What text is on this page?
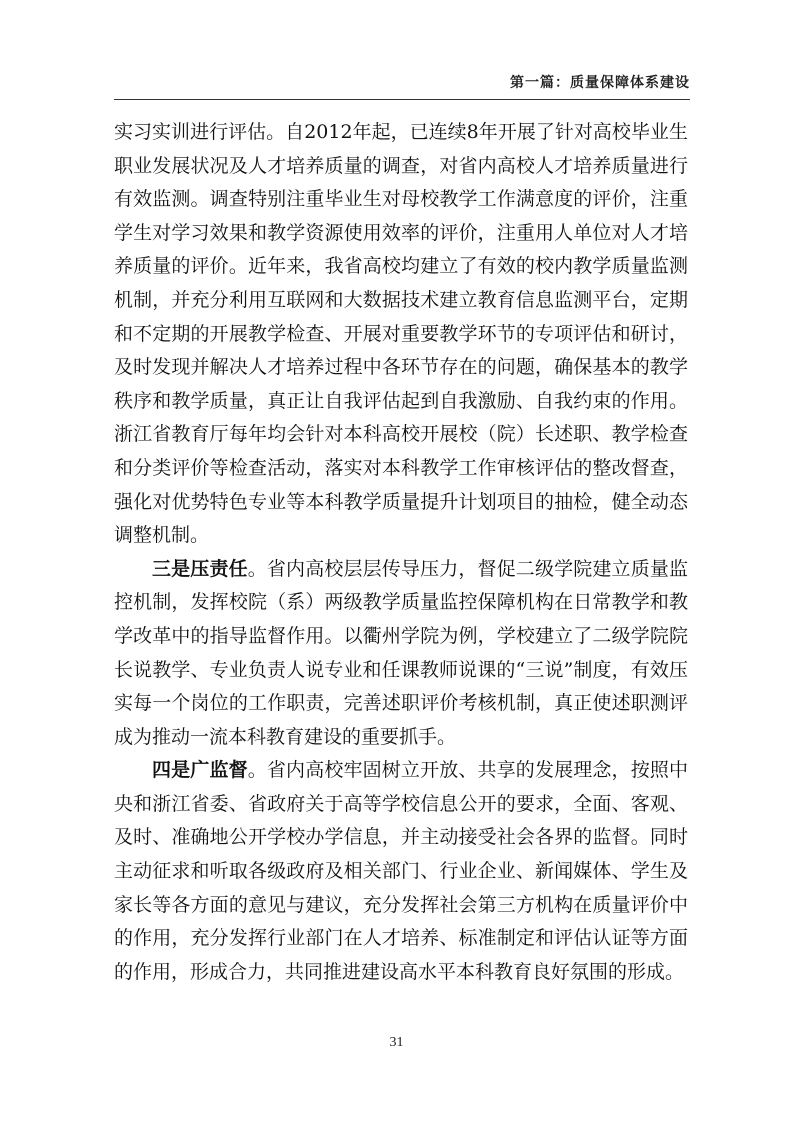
第一篇：质量保障体系建设

实习实训进行评估。自2012年起，已连续8年开展了针对高校毕业生职业发展状况及人才培养质量的调查，对省内高校人才培养质量进行有效监测。调查特别注重毕业生对母校教学工作满意度的评价，注重学生对学习效果和教学资源使用效率的评价，注重用人单位对人才培养质量的评价。近年来，我省高校均建立了有效的校内教学质量监测机制，并充分利用互联网和大数据技术建立教育信息监测平台，定期和不定期的开展教学检查、开展对重要教学环节的专项评估和研讨，及时发现并解决人才培养过程中各环节存在的问题，确保基本的教学秩序和教学质量，真正让自我评估起到自我激励、自我约束的作用。浙江省教育厅每年均会针对本科高校开展校（院）长述职、教学检查和分类评价等检查活动，落实对本科教学工作审核评估的整改督查，强化对优势特色专业等本科教学质量提升计划项目的抽检，健全动态调整机制。

三是压责任。省内高校层层传导压力，督促二级学院建立质量监控机制，发挥校院（系）两级教学质量监控保障机构在日常教学和教学改革中的指导监督作用。以衢州学院为例，学校建立了二级学院院长说教学、专业负责人说专业和任课教师说课的“三说”制度，有效压实每一个岗位的工作职责，完善述职评价考核机制，真正使述职测评成为推动一流本科教育建设的重要抓手。

四是广监督。省内高校牢固树立开放、共享的发展理念，按照中央和浙江省委、省政府关于高等学校信息公开的要求，全面、客观、及时、准确地公开学校办学信息，并主动接受社会各界的监督。同时主动征求和听取各级政府及相关部门、行业企业、新闻媒体、学生及家长等各方面的意见与建议，充分发挥社会第三方机构在质量评价中的作用，充分发挥行业部门在人才培养、标准制定和评估认证等方面的作用，形成合力，共同推进建设高水平本科教育良好氛围的形成。

31
